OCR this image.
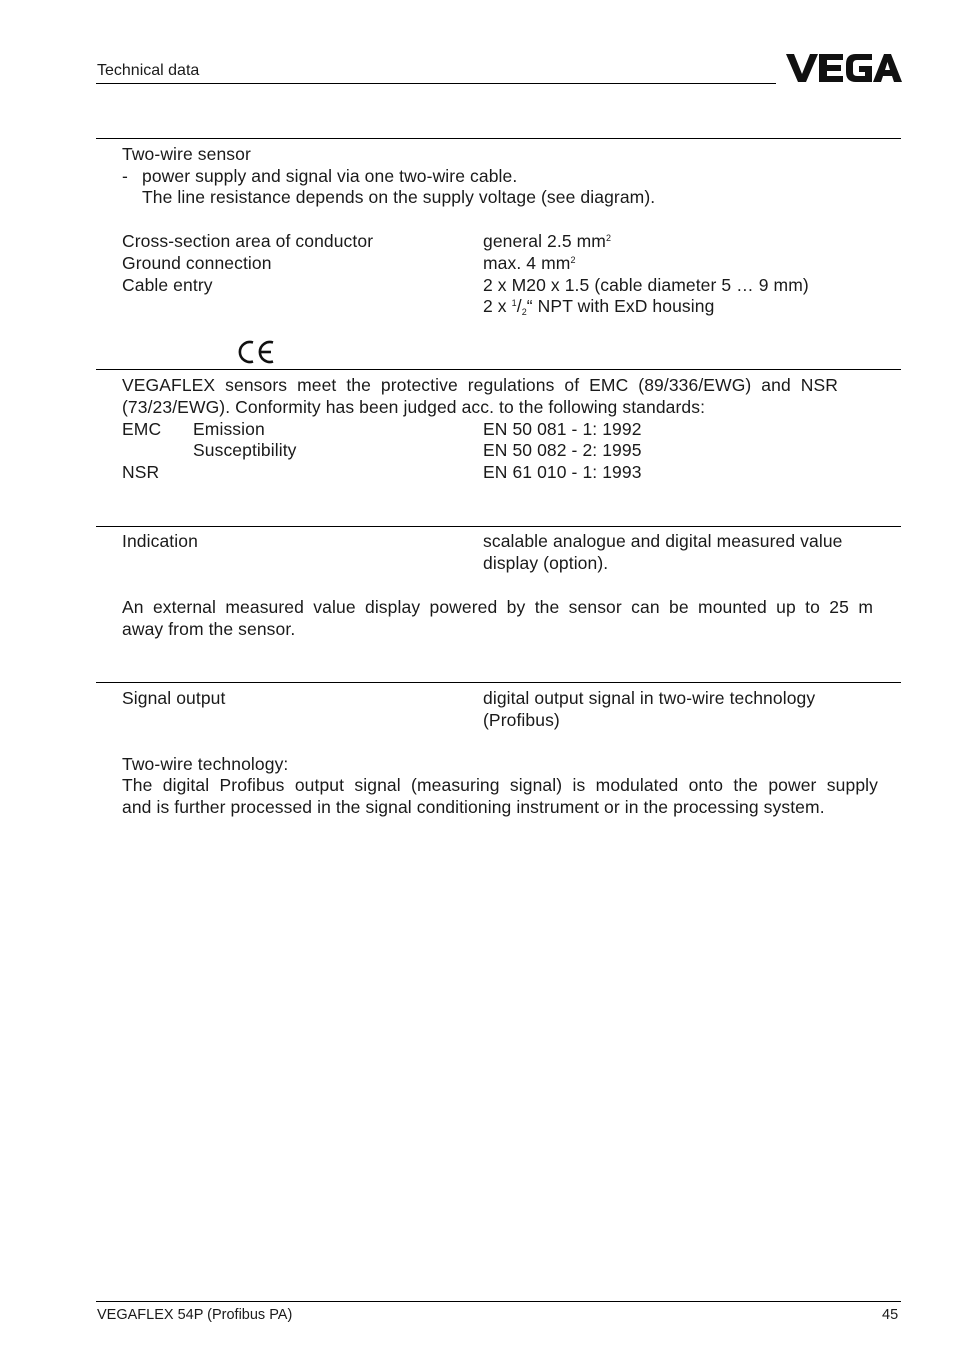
Technical data
Two-wire sensor
- power supply and signal via one two-wire cable.
The line resistance depends on the supply voltage (see diagram).
Cross-section area of conductor	general 2.5 $mm^2$
Ground connection	max. 4 $mm^2$
Cable entry	2 x M20 x 1.5 (cable diameter 5 … 9 mm)
2 x $^1/_2“$ NPT with ExD housing
VEGAFLEX sensors meet the protective regulations of EMC (89/336/EWG) and NSR
(73/23/EWG). Conformity has been judged acc. to the following standards:
EMC Emission	EN 50 081 - 1: 1992
Susceptibility	EN 50 082 - 2: 1995
NSR	EN 61 010 - 1: 1993
Indication	scalable analogue and digital measured value
display (option).
An external measured value display powered by the sensor can be mounted up to 25 m
away from the sensor.
Signal output	digital output signal in two-wire technology
(Profibus)
Two-wire technology:
The digital Profibus output signal (measuring signal) is modulated onto the power supply
and is further processed in the signal conditioning instrument or in the processing system.
VEGAFLEX 54P (Profibus PA)	45
